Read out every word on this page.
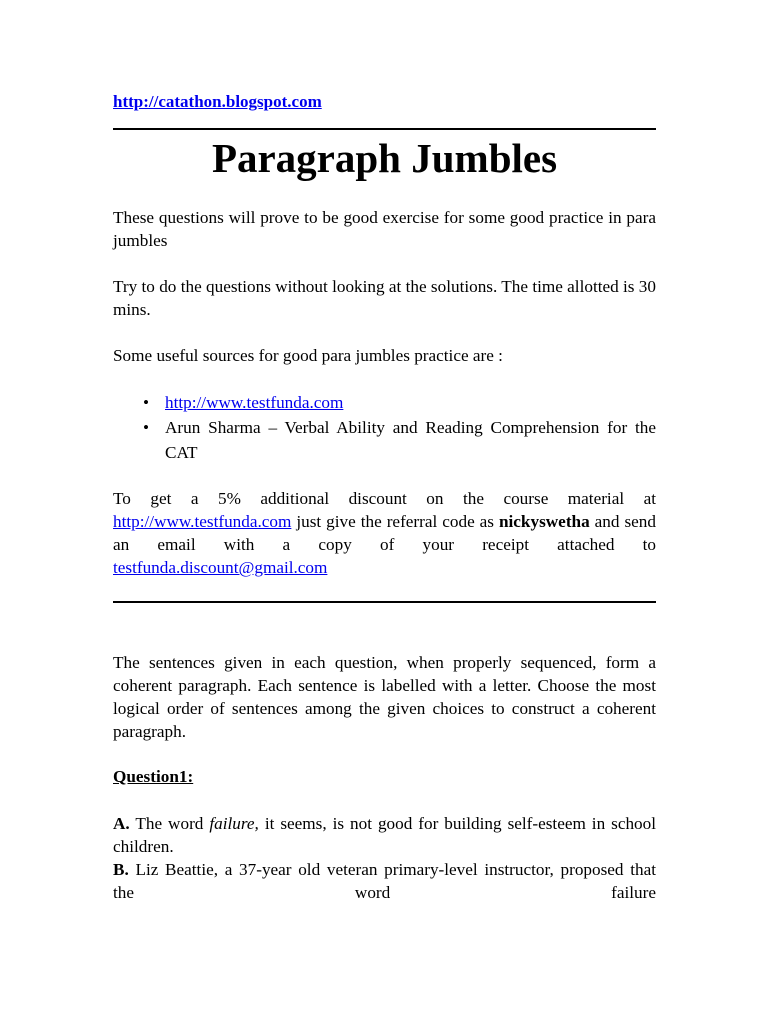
http://catathon.blogspot.com
Paragraph Jumbles

These questions will prove to be good exercise for some good practice in para jumbles

Try to do the questions without looking at the solutions. The time allotted is 30 mins.

Some useful sources for good para jumbles practice are :

• http://www.testfunda.com
• Arun Sharma – Verbal Ability and Reading Comprehension for the CAT

To get a 5% additional discount on the course material at http://www.testfunda.com just give the referral code as nickyswetha and send an email with a copy of your receipt attached to testfunda.discount@gmail.com

The sentences given in each question, when properly sequenced, form a coherent paragraph. Each sentence is labelled with a letter. Choose the most logical order of sentences among the given choices to construct a coherent paragraph.

Question1:

A. The word failure, it seems, is not good for building self-esteem in school children.

B. Liz Beattie, a 37-year old veteran primary-level instructor, proposed that the word failure
